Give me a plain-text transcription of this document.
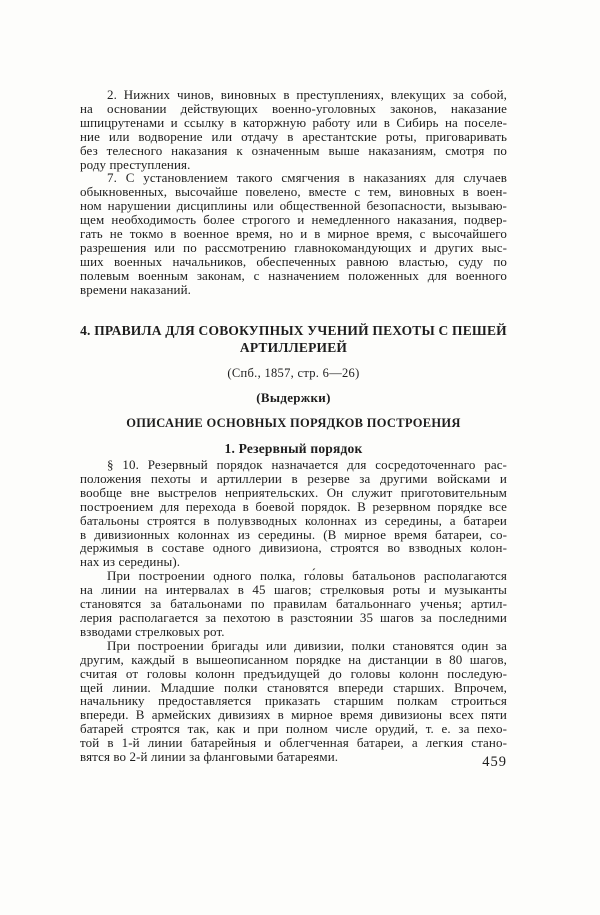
2. Нижних чинов, виновных в преступлениях, влекущих за собой,
на основании действующих военно-уголовных законов, наказание
шпицрутенами и ссылку в каторжную работу или в Сибирь на поселе-
ние или водворение или отдачу в арестантские роты, приговаривать
без телесного наказания к означенным выше наказаниям, смотря по
роду преступления.
7. С установлением такого смягчения в наказаниях для случаев
обыкновенных, высочайше повелено, вместе с тем, виновных в воен-
ном нарушении дисциплины или общественной безопасности, вызываю-
щем необходимость более строгого и немедленного наказания, подвер-
гать не токмо в военное время, но и в мирное время, с высочайшего
разрешения или по рассмотрению главнокомандующих и других выс-
ших военных начальников, обеспеченных равною властью, суду по
полевым военным законам, с назначением положенных для военного
времени наказаний.
4. ПРАВИЛА ДЛЯ СОВОКУПНЫХ УЧЕНИЙ ПЕХОТЫ С ПЕШЕЙ
АРТИЛЛЕРИЕЙ
(Спб., 1857, стр. 6—26)
(Выдержки)
ОПИСАНИЕ ОСНОВНЫХ ПОРЯДКОВ ПОСТРОЕНИЯ
1. Резервный порядок
§ 10. Резервный порядок назначается для сосредоточеннаго рас-
положения пехоты и артиллерии в резерве за другими войсками и
вообще вне выстрелов неприятельских. Он служит приготовительным
построением для перехода в боевой порядок. В резервном порядке все
батальоны строятся в полувзводных колоннах из середины, а батареи
в дивизионных колоннах из середины. (В мирное время батареи, со-
держимыя в составе одного дивизиона, строятся во взводных колон-
нах из середины).
При построении одного полка, го́ловы батальонов располагаются
на линии на интервалах в 45 шагов; стрелковыя роты и музыканты
становятся за батальонами по правилам батальоннаго ученья; артил-
лерия располагается за пехотою в разстоянии 35 шагов за последними
взводами стрелковых рот.
При построении бригады или дивизии, полки становятся один за
другим, каждый в вышеописанном порядке на дистанции в 80 шагов,
считая от головы колонн предъидущей до головы колонн последую-
щей линии. Младшие полки становятся впереди старших. Впрочем,
начальнику предоставляется приказать старшим полкам строиться
впереди. В армейских дивизиях в мирное время дивизионы всех пяти
батарей строятся так, как и при полном числе орудий, т. е. за пехо-
той в 1-й линии батарейныя и облегченная батареи, а легкия стано-
вятся во 2-й линии за фланговыми батареями.	459
